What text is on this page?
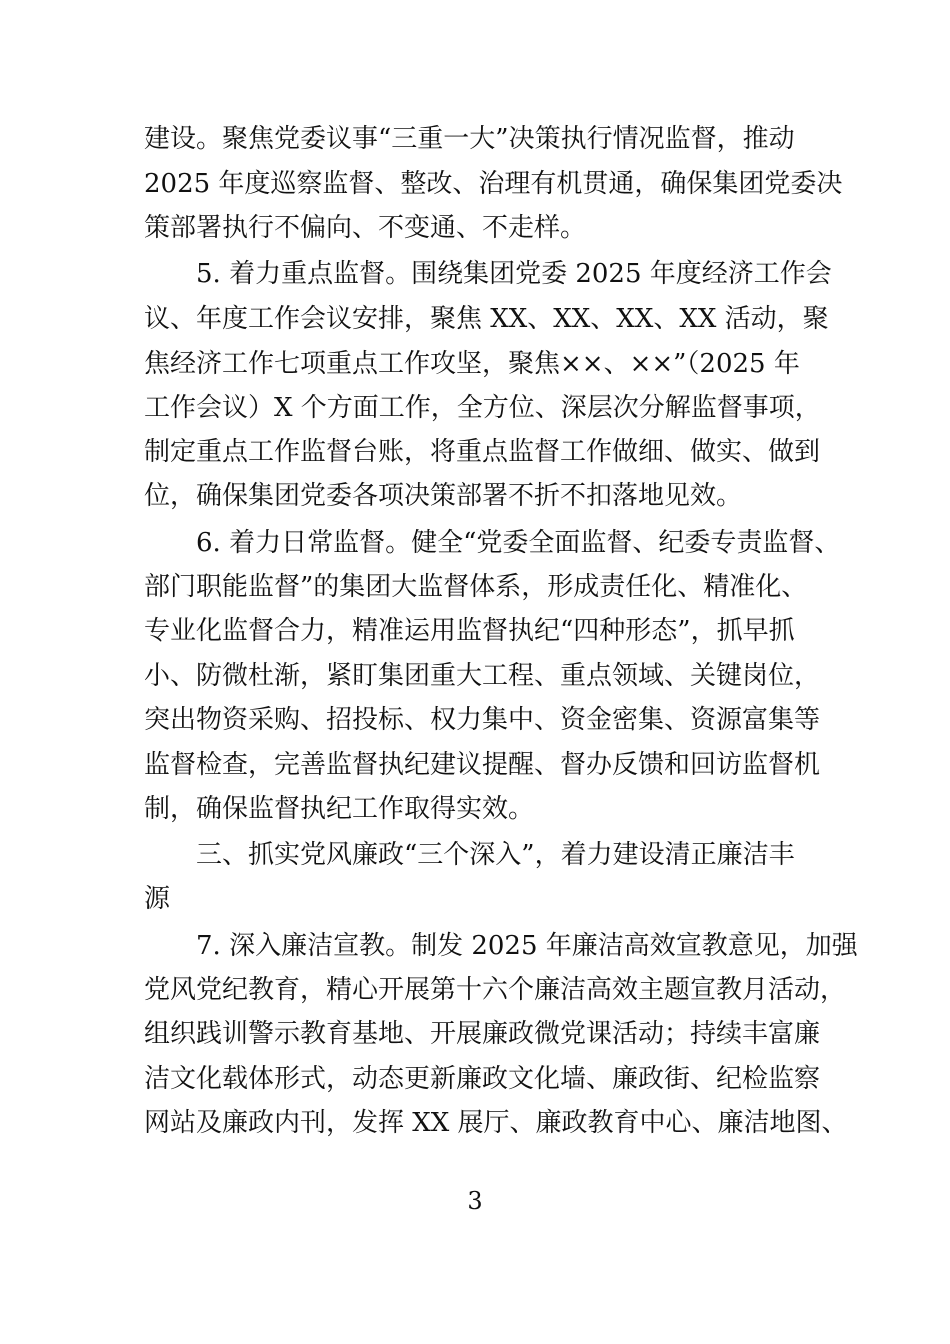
建设。聚焦党委议事“三重一大”决策执行情况监督，推动
2025 年度巡察监督、整改、治理有机贯通，确保集团党委决
策部署执行不偏向、不变通、不走样。
5. 着力重点监督。围绕集团党委 2025 年度经济工作会
议、年度工作会议安排，聚焦 XX、XX、XX、XX 活动，聚
焦经济工作七项重点工作攻坚，聚焦××、××”（2025 年
工作会议）X 个方面工作，全方位、深层次分解监督事项，
制定重点工作监督台账，将重点监督工作做细、做实、做到
位，确保集团党委各项决策部署不折不扣落地见效。
6. 着力日常监督。健全“党委全面监督、纪委专责监督、
部门职能监督”的集团大监督体系，形成责任化、精准化、
专业化监督合力，精准运用监督执纪“四种形态”，抓早抓
小、防微杜渐，紧盯集团重大工程、重点领域、关键岗位，
突出物资采购、招投标、权力集中、资金密集、资源富集等
监督检查，完善监督执纪建议提醒、督办反馈和回访监督机
制，确保监督执纪工作取得实效。
三、抓实党风廉政“三个深入”，着力建设清正廉洁丰
源
7. 深入廉洁宣教。制发 2025 年廉洁高效宣教意见，加强
党风党纪教育，精心开展第十六个廉洁高效主题宣教月活动，
组织践训警示教育基地、开展廉政微党课活动；持续丰富廉
洁文化载体形式，动态更新廉政文化墙、廉政街、纪检监察
网站及廉政内刊，发挥 XX 展厅、廉政教育中心、廉洁地图、
3
